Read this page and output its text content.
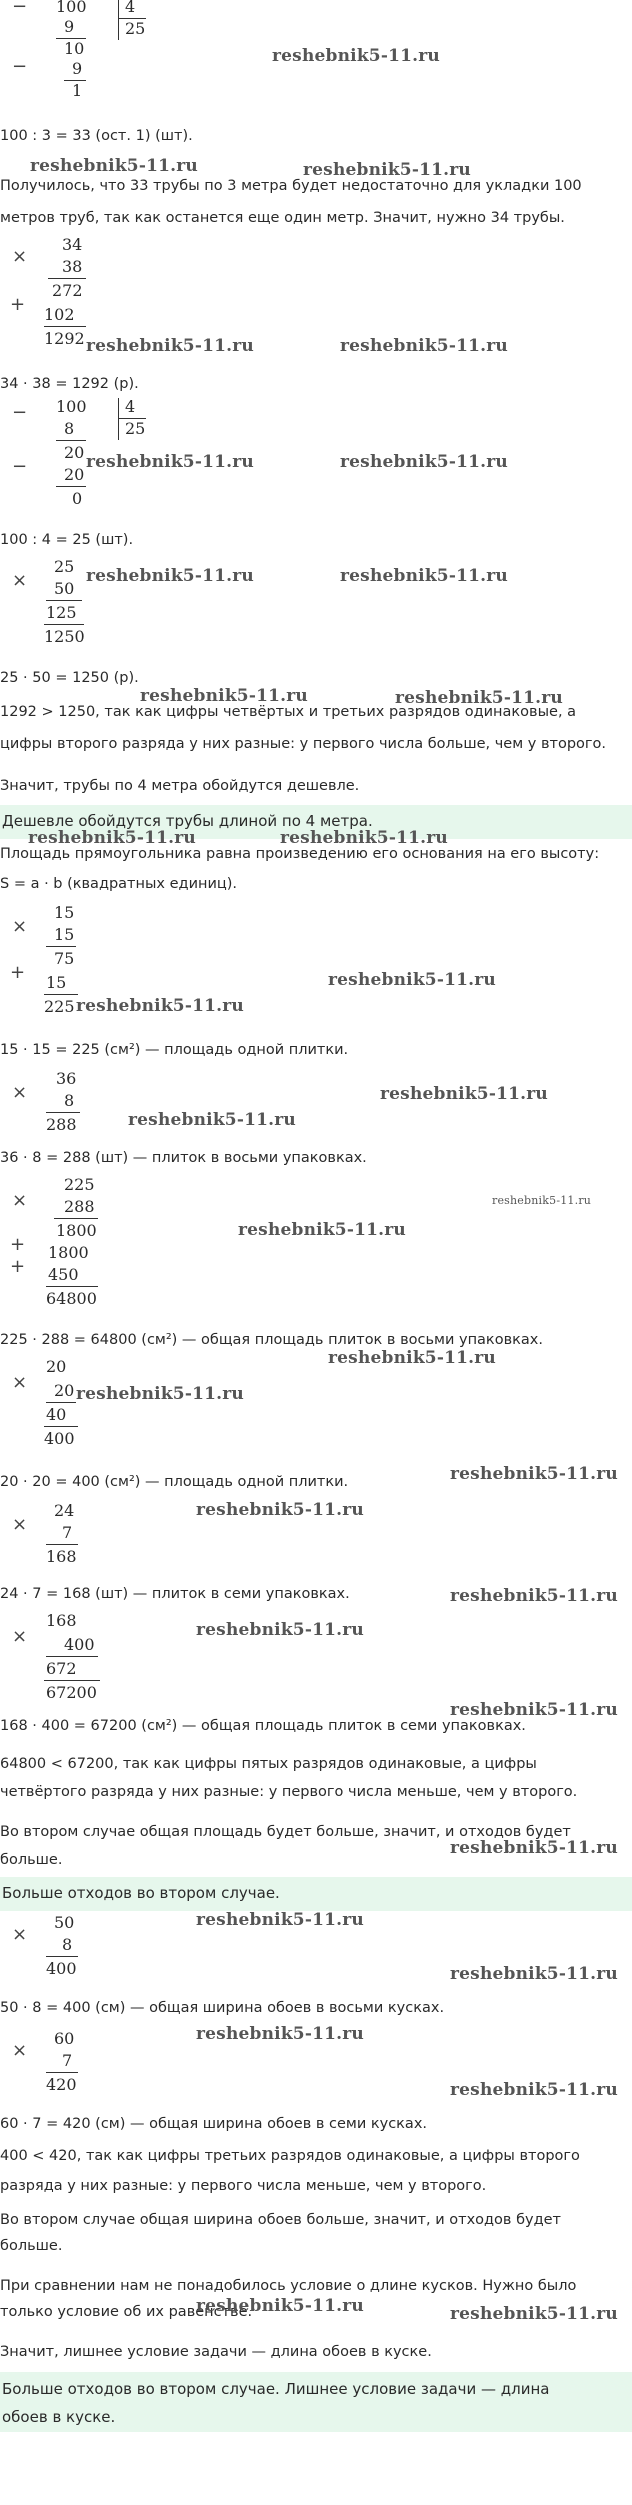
− 100
9
10
−	9
1
4
25
reshebnik5-11.ru
100 : 3 = 33 (ост. 1) (шт).
reshebnik5-11.ru	reshebnik5-11.ru
Получилось, что 33 трубы по 3 метра будет недостаточно для укладки 100
метров труб, так как останется еще один метр. Значит, нужно 34 трубы.
×
34
38
272
+ 102
1292 reshebnik5-11.ru	reshebnik5-11.ru
34 · 38 = 1292 (р).
− 100
8
20
− 20
0
4
25
reshebnik5-11.ru	reshebnik5-11.ru
100 : 4 = 25 (шт).
×
25
50
125
1250
reshebnik5-11.ru	reshebnik5-11.ru
25 · 50 = 1250 (р).
reshebnik5-11.ru	reshebnik5-11.ru
1292 > 1250, так как цифры четвёртых и третьих разрядов одинаковые, а
цифры второго разряда у них разные: у первого числа больше, чем у второго.
Значит, трубы по 4 метра обойдутся дешевле.
Дешевле обойдутся трубы длиной по 4 метра.
reshebnik5-11.ru	reshebnik5-11.ru
Площадь прямоугольника равна произведению его основания на его высоту:
S = a · b (квадратных единиц).
×
15
15
75
+ 15
225 reshebnik5-11.ru
reshebnik5-11.ru
15 · 15 = 225 (см²) — площадь одной плитки.
×
36
8
288	reshebnik5-11.ru
reshebnik5-11.ru
36 · 8 = 288 (шт) — плиток в восьми упаковках.
reshebnik5-11.ru
×
225
288
1800
+ 1800
+ 450
64800
reshebnik5-11.ru
225 · 288 = 64800 (см²) — общая площадь плиток в восьми упаковках.
reshebnik5-11.ru
×
20
20
40
400
reshebnik5-11.ru
20 · 20 = 400 (см²) — площадь одной плитки.	reshebnik5-11.ru
×
24
7
168
reshebnik5-11.ru
24 · 7 = 168 (шт) — плиток в семи упаковках.	reshebnik5-11.ru
×
168
400
672
67200
reshebnik5-11.ru
reshebnik5-11.ru
168 · 400 = 67200 (см²) — общая площадь плиток в семи упаковках.
64800 < 67200, так как цифры пятых разрядов одинаковые, а цифры
четвёртого разряда у них разные: у первого числа меньше, чем у второго.
Во втором случае общая площадь будет больше, значит, и отходов будет
больше.
reshebnik5-11.ru
Больше отходов во втором случае.
×
50
8
400
reshebnik5-11.ru
reshebnik5-11.ru
50 · 8 = 400 (см) — общая ширина обоев в восьми кусках.
×
60
7
420
reshebnik5-11.ru
reshebnik5-11.ru
60 · 7 = 420 (см) — общая ширина обоев в семи кусках.
400 < 420, так как цифры третьих разрядов одинаковые, а цифры второго
разряда у них разные: у первого числа меньше, чем у второго.
Во втором случае общая ширина обоев больше, значит, и отходов будет
больше.
При сравнении нам не понадобилось условие о длине кусков. Нужно было
только условие об их равенстве.
reshebnik5-11.ru	reshebnik5-11.ru
Значит, лишнее условие задачи — длина обоев в куске.
Больше отходов во втором случае. Лишнее условие задачи — длина
обоев в куске.
